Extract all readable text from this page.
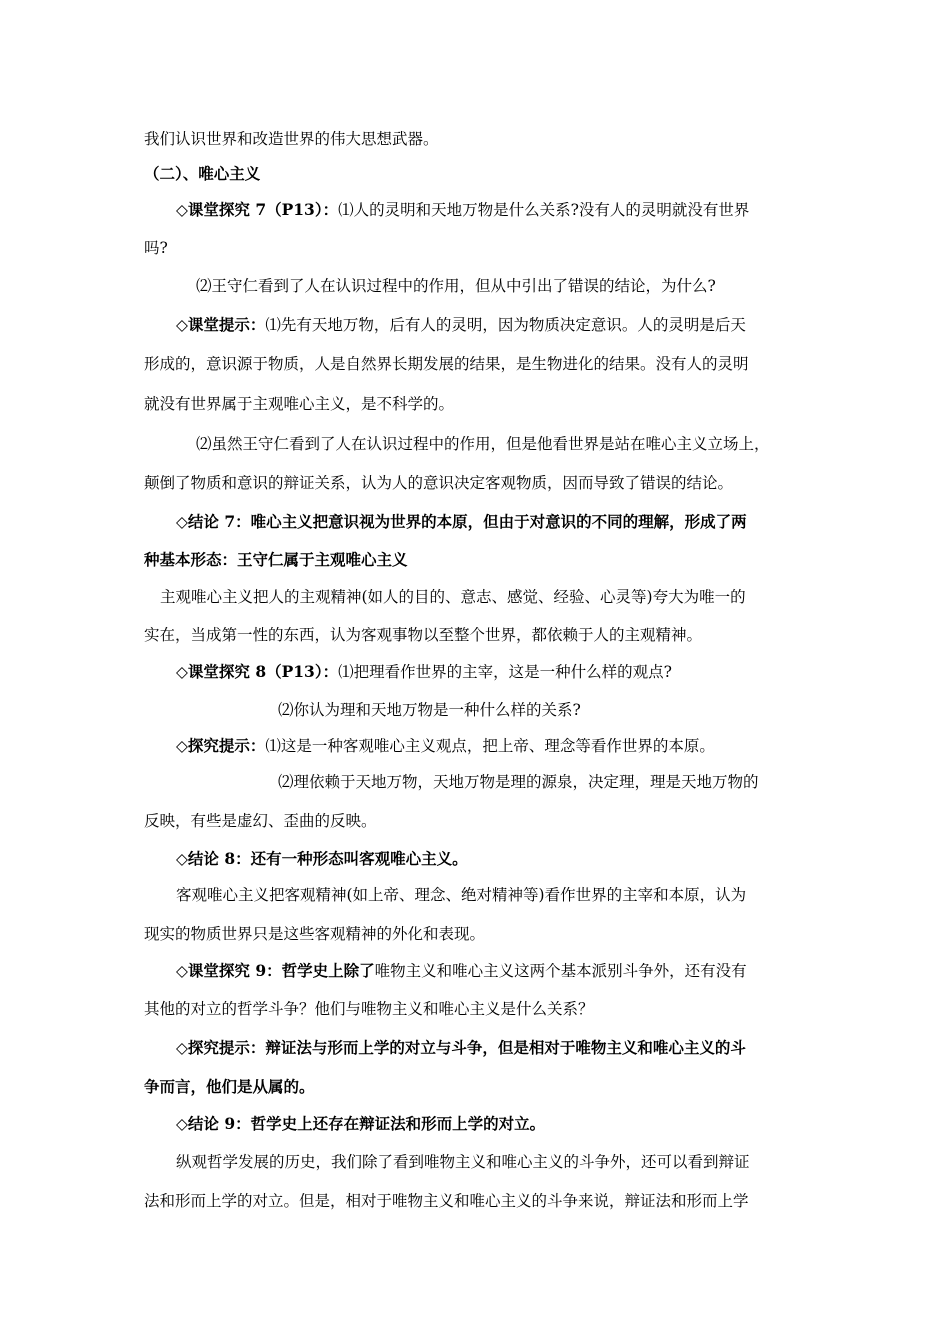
我们认识世界和改造世界的伟大思想武器。
（二）、唯心主义
◇课堂探究 7（P13）：⑴人的灵明和天地万物是什么关系?没有人的灵明就没有世界
吗?
⑵王守仁看到了人在认识过程中的作用，但从中引出了错误的结论，为什么?
◇课堂提示：⑴先有天地万物，后有人的灵明，因为物质决定意识。人的灵明是后天
形成的，意识源于物质，人是自然界长期发展的结果，是生物进化的结果。没有人的灵明
就没有世界属于主观唯心主义，是不科学的。
⑵虽然王守仁看到了人在认识过程中的作用，但是他看世界是站在唯心主义立场上，
颠倒了物质和意识的辩证关系，认为人的意识决定客观物质，因而导致了错误的结论。
◇结论 7：唯心主义把意识视为世界的本原，但由于对意识的不同的理解，形成了两
种基本形态：王守仁属于主观唯心主义
主观唯心主义把人的主观精神(如人的目的、意志、感觉、经验、心灵等)夸大为唯一的
实在，当成第一性的东西，认为客观事物以至整个世界，都依赖于人的主观精神。
◇课堂探究 8（P13）：⑴把理看作世界的主宰，这是一种什么样的观点?
⑵你认为理和天地万物是一种什么样的关系?
◇探究提示：⑴这是一种客观唯心主义观点，把上帝、理念等看作世界的本原。
⑵理依赖于天地万物，天地万物是理的源泉，决定理，理是天地万物的
反映，有些是虚幻、歪曲的反映。
◇结论 8：还有一种形态叫客观唯心主义。
客观唯心主义把客观精神(如上帝、理念、绝对精神等)看作世界的主宰和本原，认为
现实的物质世界只是这些客观精神的外化和表现。
◇课堂探究 9：哲学史上除了唯物主义和唯心主义这两个基本派别斗争外，还有没有
其他的对立的哲学斗争？他们与唯物主义和唯心主义是什么关系？
◇探究提示：辩证法与形而上学的对立与斗争，但是相对于唯物主义和唯心主义的斗
争而言，他们是从属的。
◇结论 9：哲学史上还存在辩证法和形而上学的对立。
纵观哲学发展的历史，我们除了看到唯物主义和唯心主义的斗争外，还可以看到辩证
法和形而上学的对立。但是，相对于唯物主义和唯心主义的斗争来说，辩证法和形而上学
